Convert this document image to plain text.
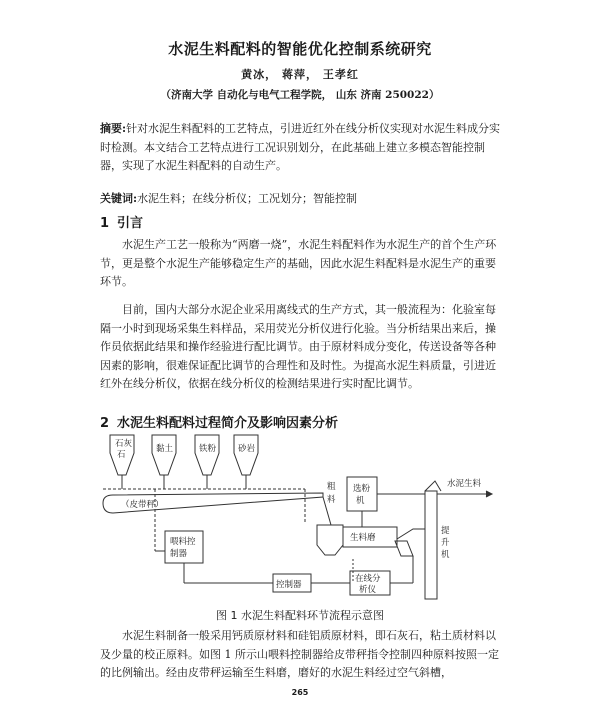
水泥生料配料的智能优化控制系统研究
黄冰， 蒋萍， 王孝红
（济南大学 自动化与电气工程学院， 山东 济南 250022）
摘要:针对水泥生料配料的工艺特点，引进近红外在线分析仪实现对水泥生料成分实时检测。本文结合工艺特点进行工况识别划分，在此基础上建立多模态智能控制器，实现了水泥生料配料的自动生产。
关键词:水泥生料；在线分析仪；工况划分；智能控制
1 引言
水泥生产工艺一般称为“两磨一烧”，水泥生料配料作为水泥生产的首个生产环节，更是整个水泥生产能够稳定生产的基础，因此水泥生料配料是水泥生产的重要环节。
目前，国内大部分水泥企业采用离线式的生产方式，其一般流程为：化验室每隔一小时到现场采集生料样品，采用荧光分析仪进行化验。当分析结果出来后，操作员依据此结果和操作经验进行配比调节。由于原材料成分变化，传送设备等各种因素的影响，很难保证配比调节的合理性和及时性。为提高水泥生料质量，引进近红外在线分析仪，依据在线分析仪的检测结果进行实时配比调节。
2 水泥生料配料过程简介及影响因素分析
石灰
石
黏土	铁粉	砂岩
（皮带秤）
喂料控
制器
粗
料
选粉
机
生料磨
提
升
机
水泥生料
控制器
在线分
析仪
图 1 水泥生料配料环节流程示意图
水泥生料制备一般采用钙质原材料和硅铝质原材料，即石灰石，粘土质材料以及少量的校正原料。如图 1 所示山喂料控制器给皮带秤指令控制四种原料按照一定的比例输出。经由皮带秤运输至生料磨，磨好的水泥生料经过空气斜槽，
265
